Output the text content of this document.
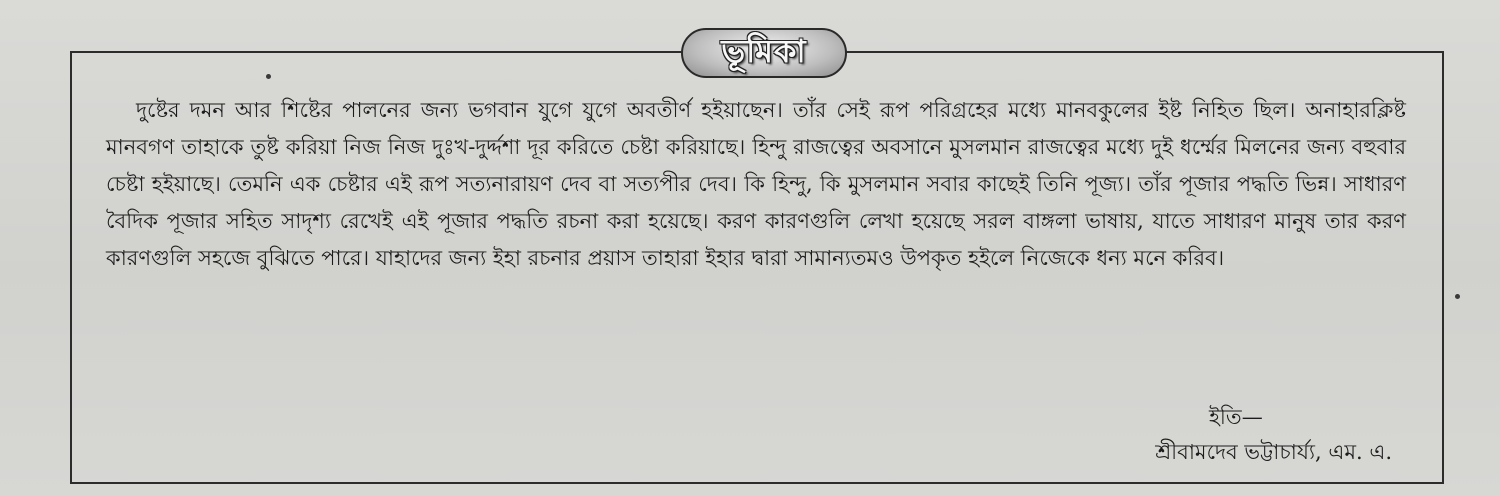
ভূমিকা

দুষ্টের দমন আর শিষ্টের পালনের জন্য ভগবান যুগে যুগে অবতীর্ণ হইয়াছেন। তাঁর সেই রূপ পরিগ্রহের মধ্যে মানবকুলের ইষ্ট নিহিত ছিল। অনাহারক্লিষ্ট মানবগণ তাহাকে তুষ্ট করিয়া নিজ নিজ দুঃখ-দুর্দ্দশা দূর করিতে চেষ্টা করিয়াছে। হিন্দু রাজত্বের অবসানে মুসলমান রাজত্বের মধ্যে দুই ধর্ম্মের মিলনের জন্য বহুবার চেষ্টা হইয়াছে। তেমনি এক চেষ্টার এই রূপ সত্যনারায়ণ দেব বা সত্যপীর দেব। কি হিন্দু, কি মুসলমান সবার কাছেই তিনি পূজ্য। তাঁর পূজার পদ্ধতি ভিন্ন। সাধারণ বৈদিক পূজার সহিত সাদৃশ্য রেখেই এই পূজার পদ্ধতি রচনা করা হয়েছে। করণ কারণগুলি লেখা হয়েছে সরল বাঙ্গলা ভাষায়, যাতে সাধারণ মানুষ তার করণ কারণগুলি সহজে বুঝিতে পারে। যাহাদের জন্য ইহা রচনার প্রয়াস তাহারা ইহার দ্বারা সামান্যতমও উপকৃত হইলে নিজেকে ধন্য মনে করিব।

ইতি—
শ্রীবামদেব ভট্টাচার্য্য, এম. এ.
